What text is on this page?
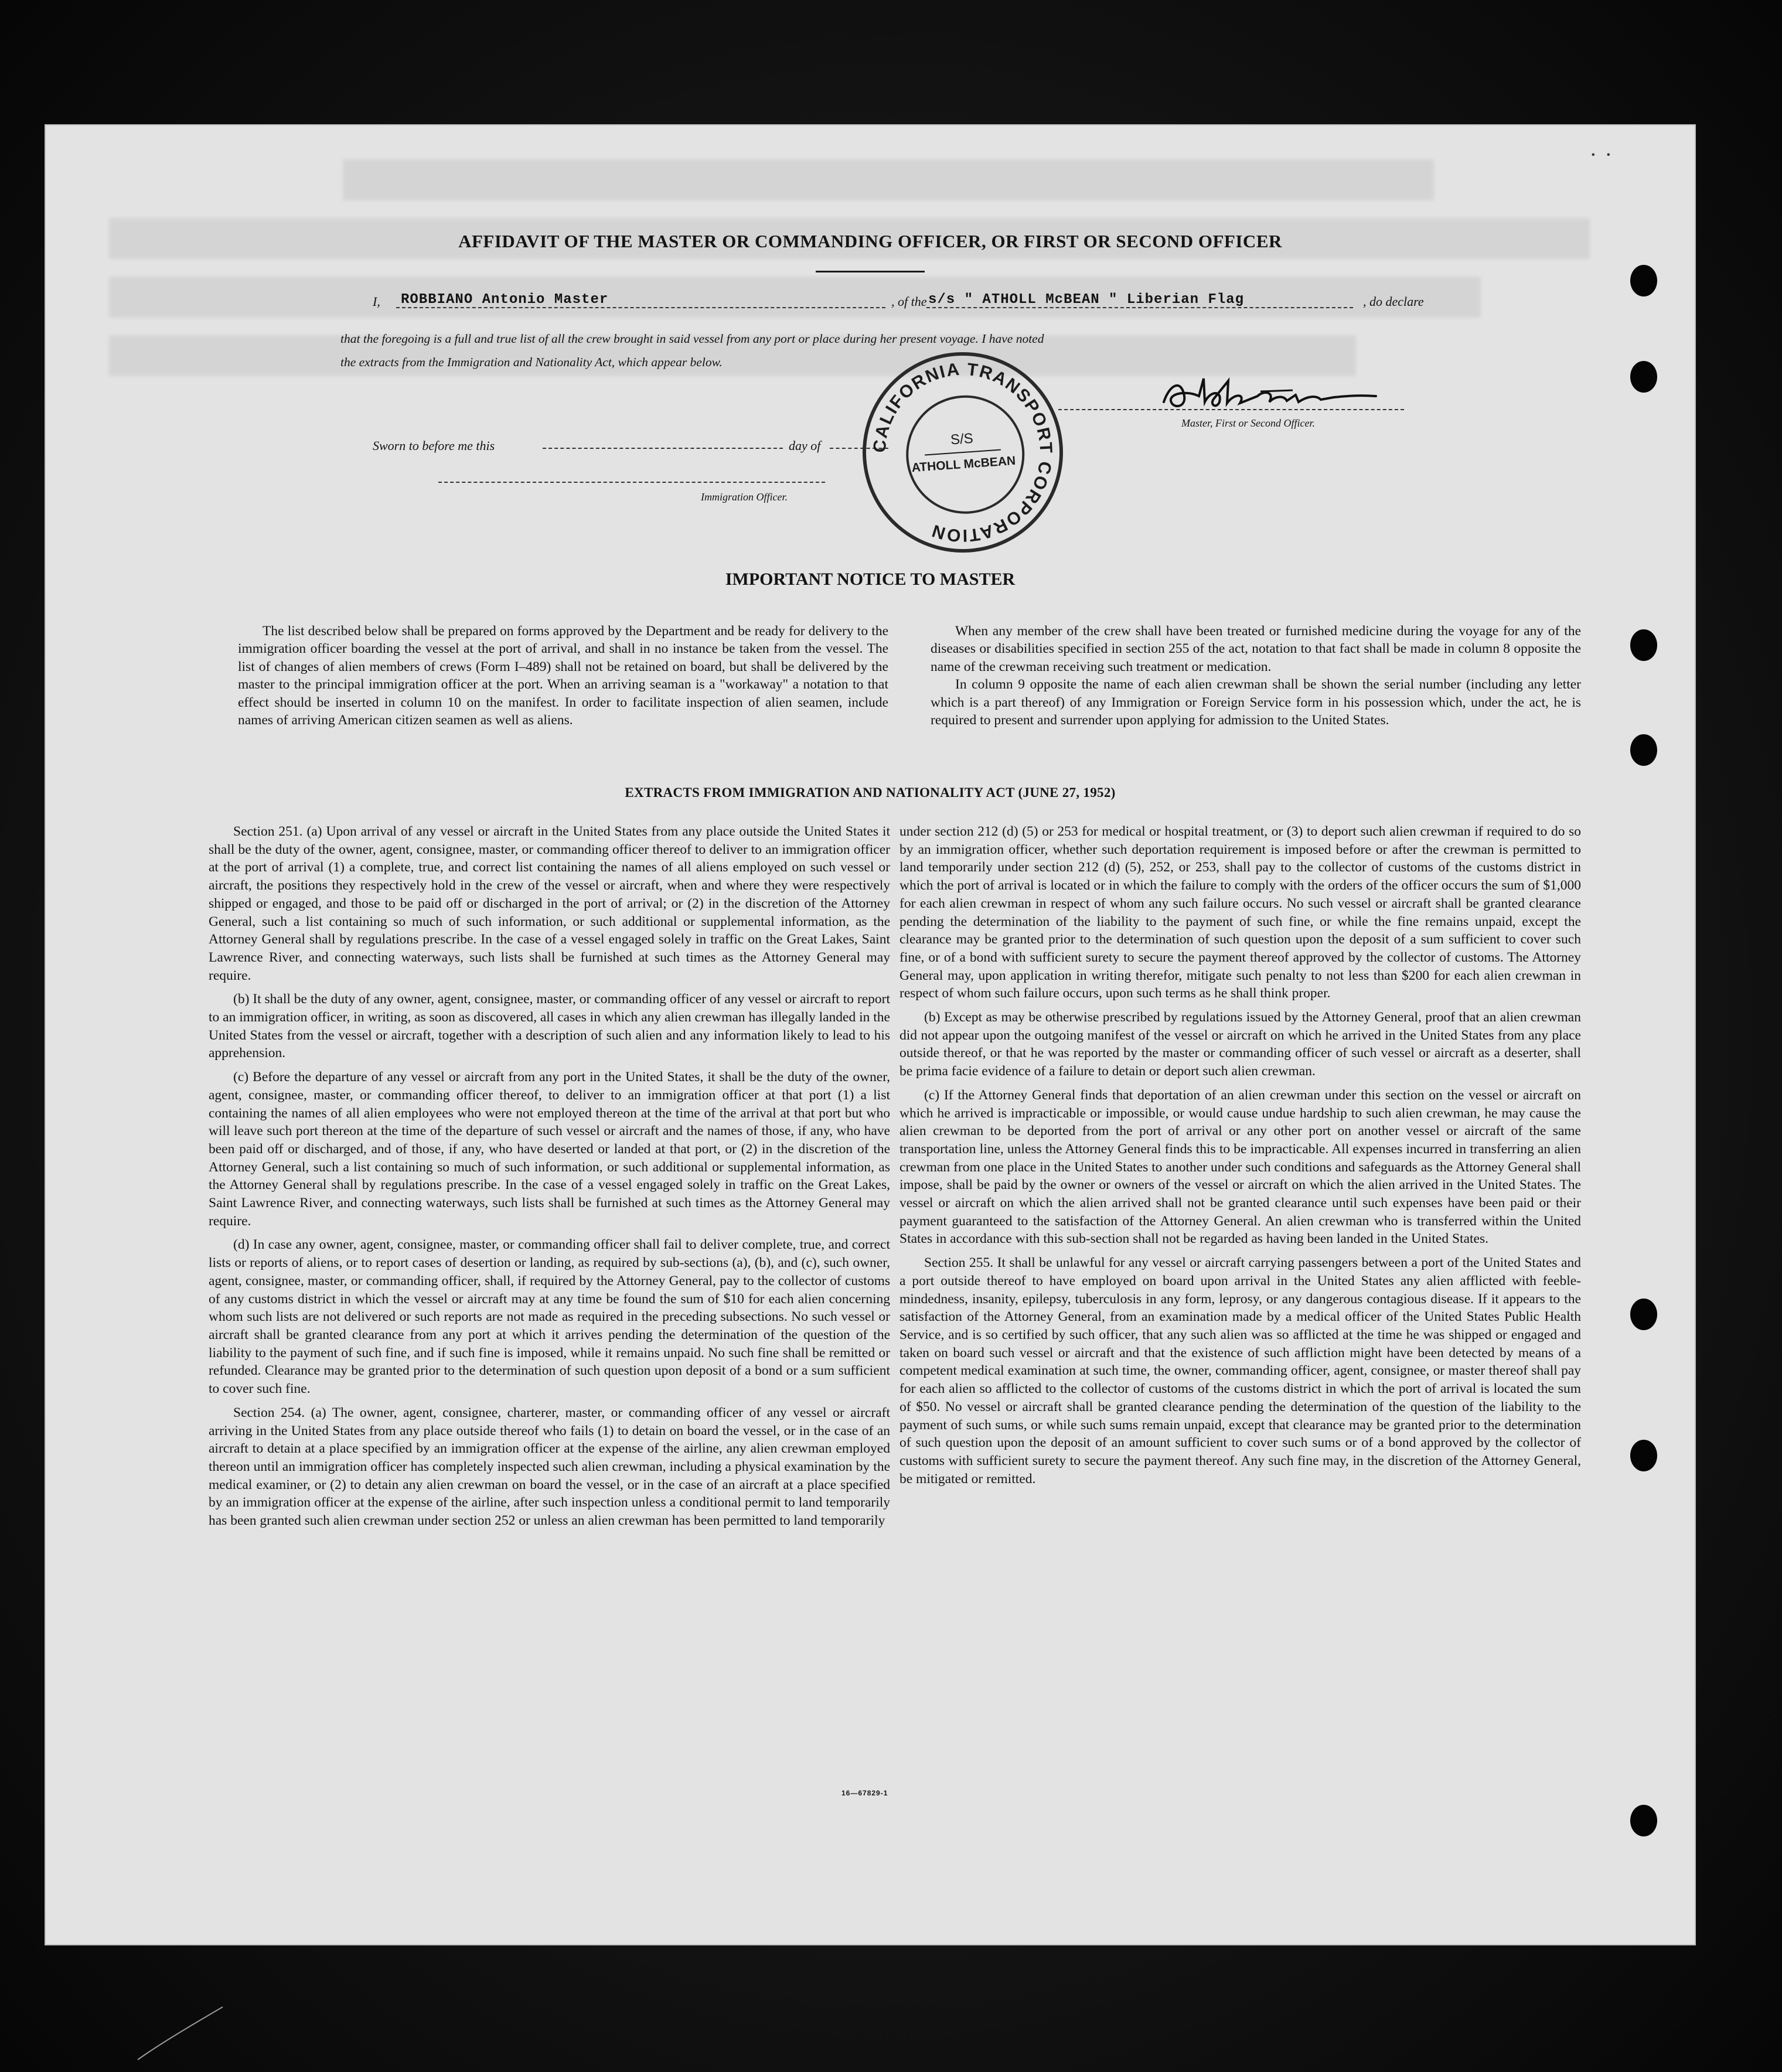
• •
AFFIDAVIT OF THE MASTER OR COMMANDING OFFICER, OR FIRST OR SECOND OFFICER
I, ROBBIANO Antonio Master	, of the s/s " ATHOLL McBEAN " Liberian Flag	, do declare
that the foregoing is a full and true list of all the crew brought in said vessel from any port or place during her present voyage. I have noted
the extracts from the Immigration and Nationality Act, which appear below.
Master, First or Second Officer.
Sworn to before me this	day of
Immigration Officer.
CALIFORNIA TRANSPORT CORPORATION
S/S
ATHOLL McBEAN
IMPORTANT NOTICE TO MASTER

The list described below shall be prepared on forms approved by the Department and be ready for delivery to the immigration officer boarding the vessel at the port of arrival, and shall in no instance be taken from the vessel. The list of changes of alien members of crews (Form I–489) shall not be retained on board, but shall be delivered by the master to the principal immigration officer at the port. When an arriving seaman is a "workaway" a notation to that effect should be inserted in column 10 on the manifest. In order to facilitate inspection of alien seamen, include names of arriving American citizen seamen as well as aliens.

When any member of the crew shall have been treated or furnished medicine during the voyage for any of the diseases or disabilities specified in section 255 of the act, notation to that fact shall be made in column 8 opposite the name of the crewman receiving such treatment or medication.

In column 9 opposite the name of each alien crewman shall be shown the serial number (including any letter which is a part thereof) of any Immigration or Foreign Service form in his possession which, under the act, he is required to present and surrender upon applying for admission to the United States.

EXTRACTS FROM IMMIGRATION AND NATIONALITY ACT (JUNE 27, 1952)

Section 251. (a) Upon arrival of any vessel or aircraft in the United States from any place outside the United States it shall be the duty of the owner, agent, consignee, master, or commanding officer thereof to deliver to an immigration officer at the port of arrival (1) a complete, true, and correct list containing the names of all aliens employed on such vessel or aircraft, the positions they respectively hold in the crew of the vessel or aircraft, when and where they were respectively shipped or engaged, and those to be paid off or discharged in the port of arrival; or (2) in the discretion of the Attorney General, such a list containing so much of such information, or such additional or supplemental information, as the Attorney General shall by regulations prescribe. In the case of a vessel engaged solely in traffic on the Great Lakes, Saint Lawrence River, and connecting waterways, such lists shall be furnished at such times as the Attorney General may require.

(b) It shall be the duty of any owner, agent, consignee, master, or commanding officer of any vessel or aircraft to report to an immigration officer, in writing, as soon as discovered, all cases in which any alien crewman has illegally landed in the United States from the vessel or aircraft, together with a description of such alien and any information likely to lead to his apprehension.

(c) Before the departure of any vessel or aircraft from any port in the United States, it shall be the duty of the owner, agent, consignee, master, or commanding officer thereof, to deliver to an immigration officer at that port (1) a list containing the names of all alien employees who were not employed thereon at the time of the arrival at that port but who will leave such port thereon at the time of the departure of such vessel or aircraft and the names of those, if any, who have been paid off or discharged, and of those, if any, who have deserted or landed at that port, or (2) in the discretion of the Attorney General, such a list containing so much of such information, or such additional or supplemental information, as the Attorney General shall by regulations prescribe. In the case of a vessel engaged solely in traffic on the Great Lakes, Saint Lawrence River, and connecting waterways, such lists shall be furnished at such times as the Attorney General may require.

(d) In case any owner, agent, consignee, master, or commanding officer shall fail to deliver complete, true, and correct lists or reports of aliens, or to report cases of desertion or landing, as required by sub-sections (a), (b), and (c), such owner, agent, consignee, master, or commanding officer, shall, if required by the Attorney General, pay to the collector of customs of any customs district in which the vessel or aircraft may at any time be found the sum of $10 for each alien concerning whom such lists are not delivered or such reports are not made as required in the preceding subsections. No such vessel or aircraft shall be granted clearance from any port at which it arrives pending the determination of the question of the liability to the payment of such fine, and if such fine is imposed, while it remains unpaid. No such fine shall be remitted or refunded. Clearance may be granted prior to the determination of such question upon deposit of a bond or a sum sufficient to cover such fine.

Section 254. (a) The owner, agent, consignee, charterer, master, or commanding officer of any vessel or aircraft arriving in the United States from any place outside thereof who fails (1) to detain on board the vessel, or in the case of an aircraft to detain at a place specified by an immigration officer at the expense of the airline, any alien crewman employed thereon until an immigration officer has completely inspected such alien crewman, including a physical examination by the medical examiner, or (2) to detain any alien crewman on board the vessel, or in the case of an aircraft at a place specified by an immigration officer at the expense of the airline, after such inspection unless a conditional permit to land temporarily has been granted such alien crewman under section 252 or unless an alien crewman has been permitted to land temporarily

under section 212 (d) (5) or 253 for medical or hospital treatment, or (3) to deport such alien crewman if required to do so by an immigration officer, whether such deportation requirement is imposed before or after the crewman is permitted to land temporarily under section 212 (d) (5), 252, or 253, shall pay to the collector of customs of the customs district in which the port of arrival is located or in which the failure to comply with the orders of the officer occurs the sum of $1,000 for each alien crewman in respect of whom any such failure occurs. No such vessel or aircraft shall be granted clearance pending the determination of the liability to the payment of such fine, or while the fine remains unpaid, except the clearance may be granted prior to the determination of such question upon the deposit of a sum sufficient to cover such fine, or of a bond with sufficient surety to secure the payment thereof approved by the collector of customs. The Attorney General may, upon application in writing therefor, mitigate such penalty to not less than $200 for each alien crewman in respect of whom such failure occurs, upon such terms as he shall think proper.

(b) Except as may be otherwise prescribed by regulations issued by the Attorney General, proof that an alien crewman did not appear upon the outgoing manifest of the vessel or aircraft on which he arrived in the United States from any place outside thereof, or that he was reported by the master or commanding officer of such vessel or aircraft as a deserter, shall be prima facie evidence of a failure to detain or deport such alien crewman.

(c) If the Attorney General finds that deportation of an alien crewman under this section on the vessel or aircraft on which he arrived is impracticable or impossible, or would cause undue hardship to such alien crewman, he may cause the alien crewman to be deported from the port of arrival or any other port on another vessel or aircraft of the same transportation line, unless the Attorney General finds this to be impracticable. All expenses incurred in transferring an alien crewman from one place in the United States to another under such conditions and safeguards as the Attorney General shall impose, shall be paid by the owner or owners of the vessel or aircraft on which the alien arrived in the United States. The vessel or aircraft on which the alien arrived shall not be granted clearance until such expenses have been paid or their payment guaranteed to the satisfaction of the Attorney General. An alien crewman who is transferred within the United States in accordance with this sub-section shall not be regarded as having been landed in the United States.

Section 255. It shall be unlawful for any vessel or aircraft carrying passengers between a port of the United States and a port outside thereof to have employed on board upon arrival in the United States any alien afflicted with feeble-mindedness, insanity, epilepsy, tuberculosis in any form, leprosy, or any dangerous contagious disease. If it appears to the satisfaction of the Attorney General, from an examination made by a medical officer of the United States Public Health Service, and is so certified by such officer, that any such alien was so afflicted at the time he was shipped or engaged and taken on board such vessel or aircraft and that the existence of such affliction might have been detected by means of a competent medical examination at such time, the owner, commanding officer, agent, consignee, or master thereof shall pay for each alien so afflicted to the collector of customs of the customs district in which the port of arrival is located the sum of $50. No vessel or aircraft shall be granted clearance pending the determination of the question of the liability to the payment of such sums, or while such sums remain unpaid, except that clearance may be granted prior to the determination of such question upon the deposit of an amount sufficient to cover such sums or of a bond approved by the collector of customs with sufficient surety to secure the payment thereof. Any such fine may, in the discretion of the Attorney General, be mitigated or remitted.

16—67829-1
